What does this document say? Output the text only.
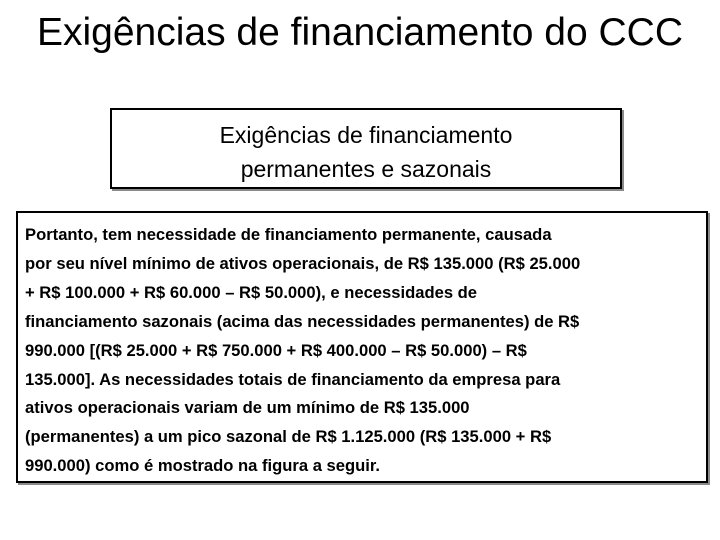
Exigências de financiamento do CCC
Exigências de financiamento
permanentes e sazonais
Portanto, tem necessidade de financiamento permanente, causada
por seu nível mínimo de ativos operacionais, de R$ 135.000 (R$ 25.000
+ R$ 100.000 + R$ 60.000 – R$ 50.000), e necessidades de
financiamento sazonais (acima das necessidades permanentes) de R$
990.000 [(R$ 25.000 + R$ 750.000 + R$ 400.000 – R$ 50.000) – R$
135.000]. As necessidades totais de financiamento da empresa para
ativos operacionais variam de um mínimo de R$ 135.000
(permanentes) a um pico sazonal de R$ 1.125.000 (R$ 135.000 + R$
990.000) como é mostrado na figura a seguir.
